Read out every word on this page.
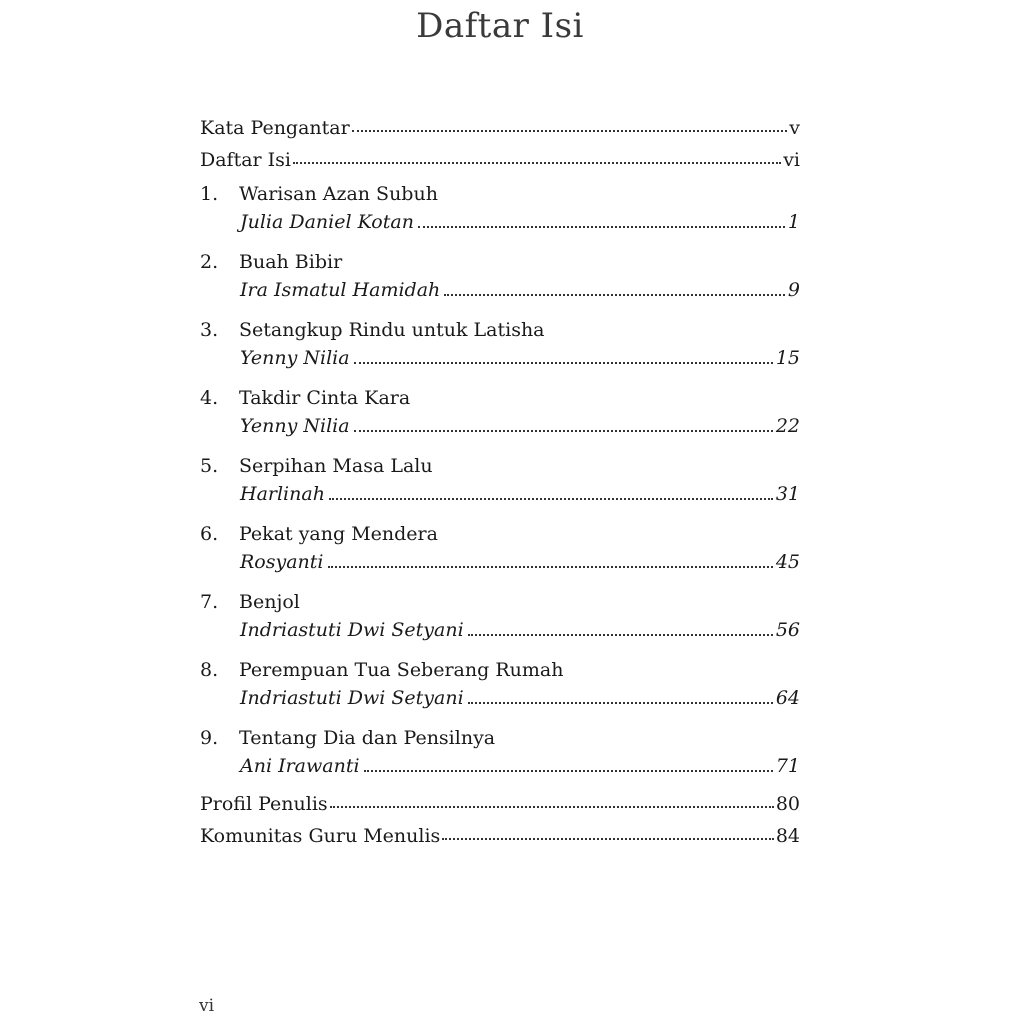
Daftar Isi
Kata Pengantar	v
Daftar Isi	vi
1.	Warisan Azan Subuh
Julia Daniel Kotan	1
2.	Buah Bibir
Ira Ismatul Hamidah	9
3.	Setangkup Rindu untuk Latisha
Yenny Nilia	15
4.	Takdir Cinta Kara
Yenny Nilia	22
5.	Serpihan Masa Lalu
Harlinah	31
6.	Pekat yang Mendera
Rosyanti	45
7.	Benjol
Indriastuti Dwi Setyani	56
8.	Perempuan Tua Seberang Rumah
Indriastuti Dwi Setyani	64
9.	Tentang Dia dan Pensilnya
Ani Irawanti	71
Profil Penulis	80
Komunitas Guru Menulis	84
vi
